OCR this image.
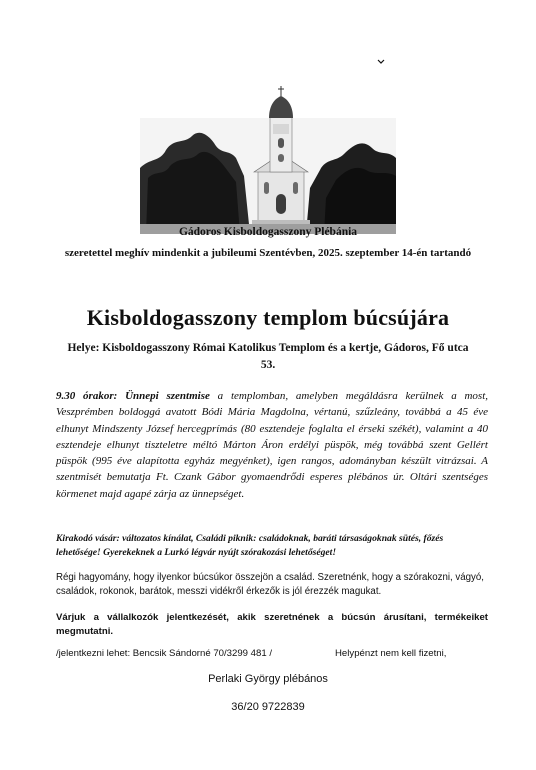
Gádoros Kisboldogasszony Plébánia
szeretettel meghív mindenkit a jubileumi Szentévben, 2025. szeptember 14-én tartandó
Kisboldogasszony templom búcsújára
Helye: Kisboldogasszony Római Katolikus Templom és a kertje, Gádoros, Fő utca 53.
9.30 órakor: Ünnepi szentmise a templomban, amelyben megáldásra kerülnek a most, Veszprémben boldoggá avatott Bódi Mária Magdolna, vértanú, szűzleány, továbbá a 45 éve elhunyt Mindszenty József hercegprímás (80 esztendeje foglalta el érseki székét), valamint a 40 esztendeje elhunyt tiszteletre méltó Márton Áron erdélyi püspök, még továbbá szent Gellért püspök (995 éve alapította egyház megyénket), igen rangos, adományban készült vitrázsai. A szentmisét bemutatja Ft. Czank Gábor gyomaendrődi esperes plébános úr. Oltári szentséges körmenet majd agapé zárja az ünnepséget.
Kirakodó vásár: változatos kínálat, Családi piknik: családoknak, baráti társaságoknak sütés, főzés lehetősége! Gyerekeknek a Lurkó légvár nyújt szórakozási lehetőséget!
Régi hagyomány, hogy ilyenkor búcsúkor összejön a család. Szeretnénk, hogy a szórakozni, vágyó, családok, rokonok, barátok, messzi vidékről érkezők is jól érezzék magukat.
Várjuk a vállalkozók jelentkezését, akik szeretnének a búcsún árusítani, termékeiket megmutatni.
/jelentkezni lehet: Bencsik Sándorné 70/3299 481 /	Helypénzt nem kell fizetni,
Perlaki György plébános
36/20 9722839
